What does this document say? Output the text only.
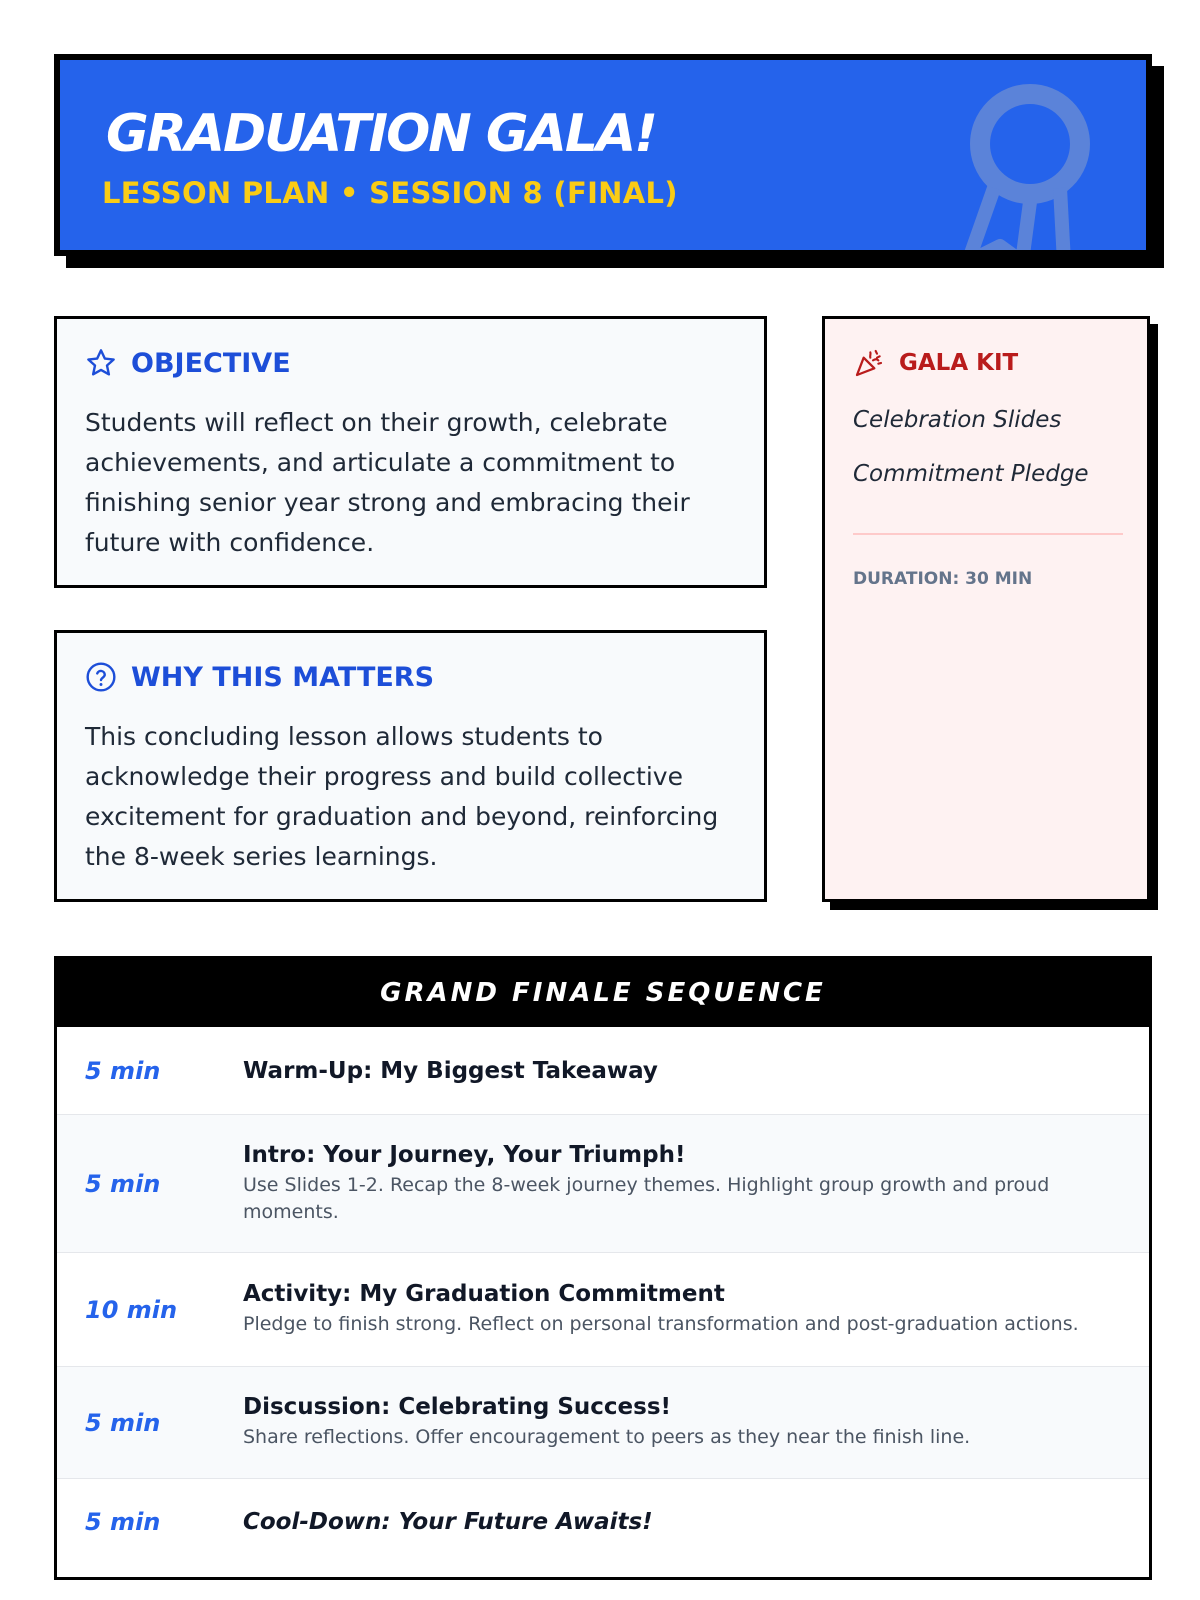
GRADUATION GALA!
LESSON PLAN • SESSION 8 (FINAL)
OBJECTIVE
Students will reflect on their growth, celebrate achievements, and articulate a commitment to finishing senior year strong and embracing their future with confidence.
WHY THIS MATTERS
This concluding lesson allows students to acknowledge their progress and build collective excitement for graduation and beyond, reinforcing the 8-week series learnings.
GALA KIT
Celebration Slides
Commitment Pledge
DURATION: 30 MIN
GRAND FINALE SEQUENCE
5 min	Warm-Up: My Biggest Takeaway
5 min
Intro: Your Journey, Your Triumph!
Use Slides 1-2. Recap the 8-week journey themes. Highlight group growth and proud moments.
10 min
Activity: My Graduation Commitment
Pledge to finish strong. Reflect on personal transformation and post-graduation actions.
5 min
Discussion: Celebrating Success!
Share reflections. Offer encouragement to peers as they near the finish line.
5 min	Cool-Down: Your Future Awaits!
